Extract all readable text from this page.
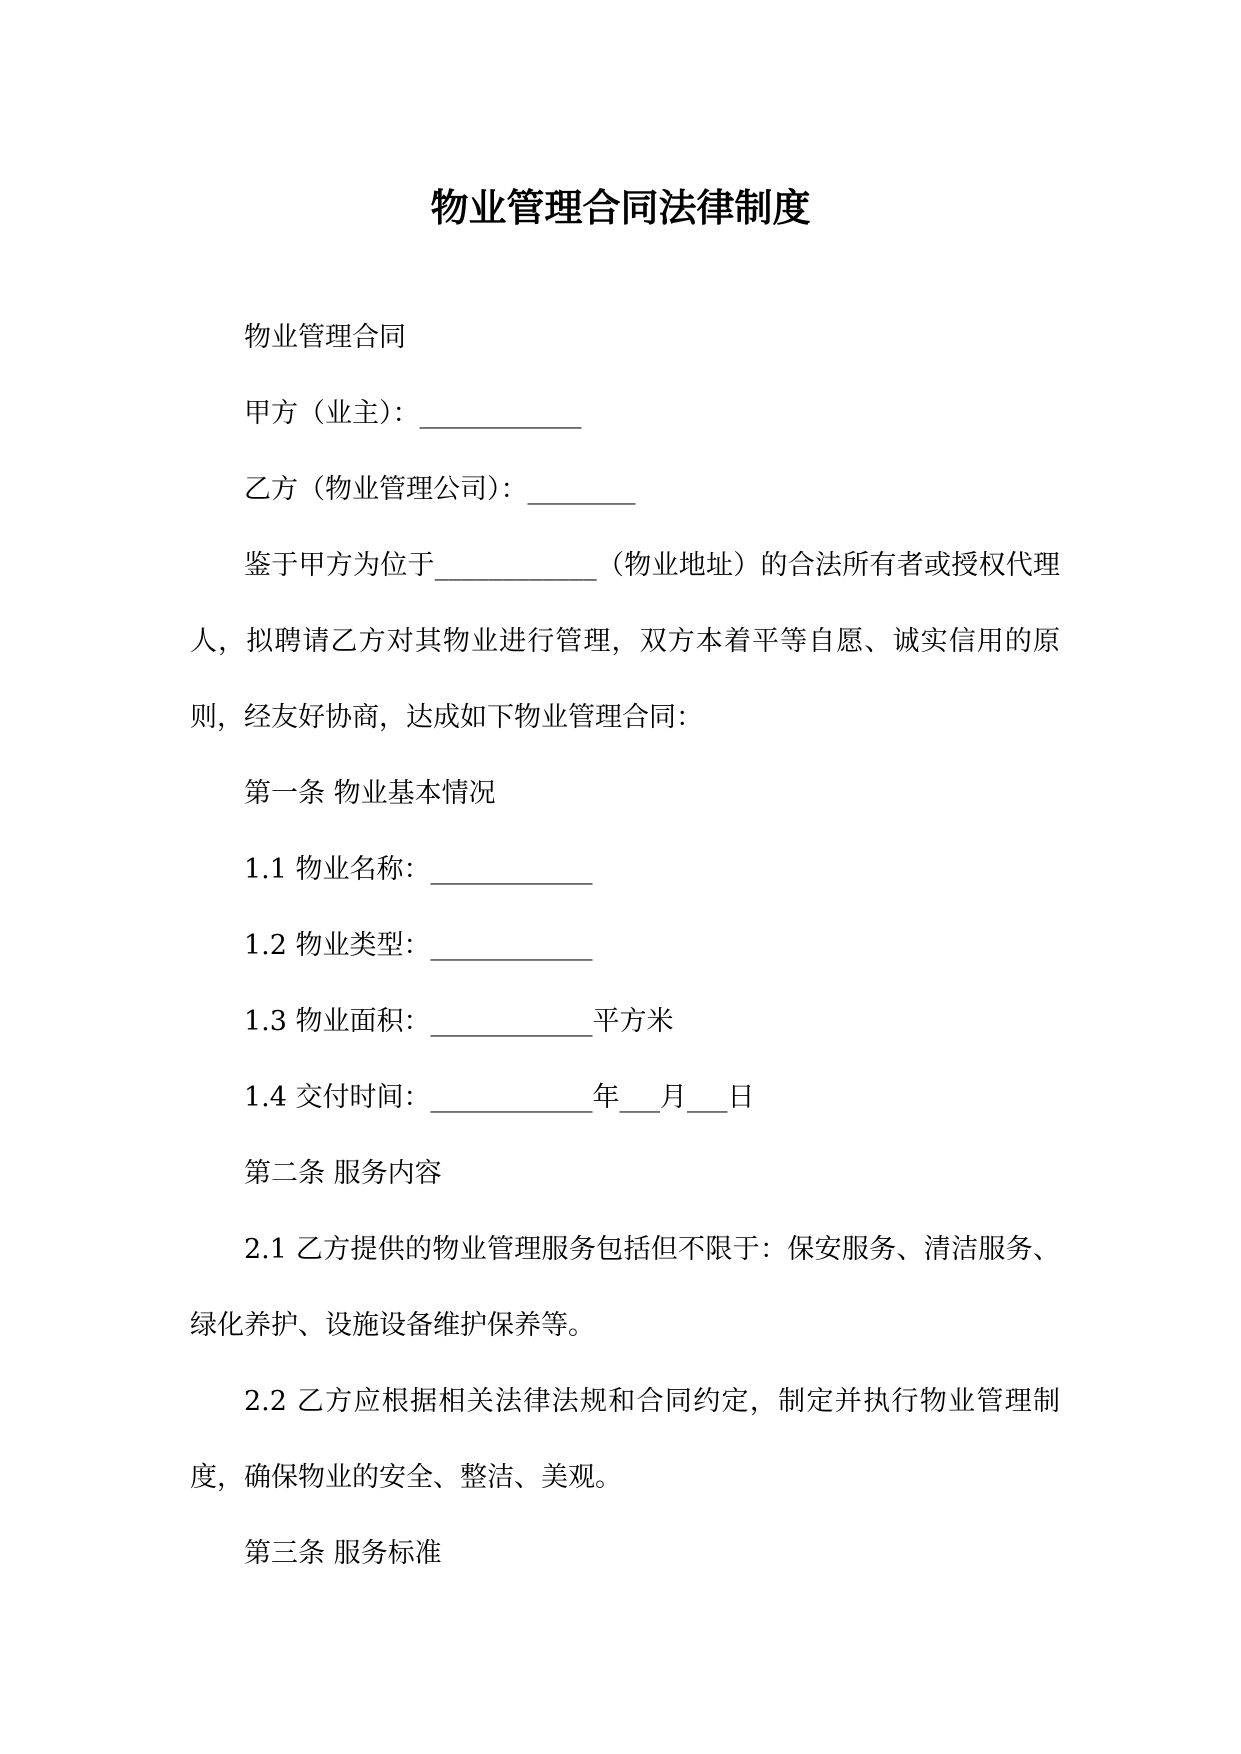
物业管理合同法律制度

物业管理合同

甲方（业主）：____________

乙方（物业管理公司）：________

鉴于甲方为位于____________（物业地址）的合法所有者或授权代理人，拟聘请乙方对其物业进行管理，双方本着平等自愿、诚实信用的原则，经友好协商，达成如下物业管理合同：

第一条 物业基本情况

1.1 物业名称：____________

1.2 物业类型：____________

1.3 物业面积：____________平方米

1.4 交付时间：____________年___月___日

第二条 服务内容

2.1 乙方提供的物业管理服务包括但不限于：保安服务、清洁服务、绿化养护、设施设备维护保养等。

2.2 乙方应根据相关法律法规和合同约定，制定并执行物业管理制度，确保物业的安全、整洁、美观。

第三条 服务标准
